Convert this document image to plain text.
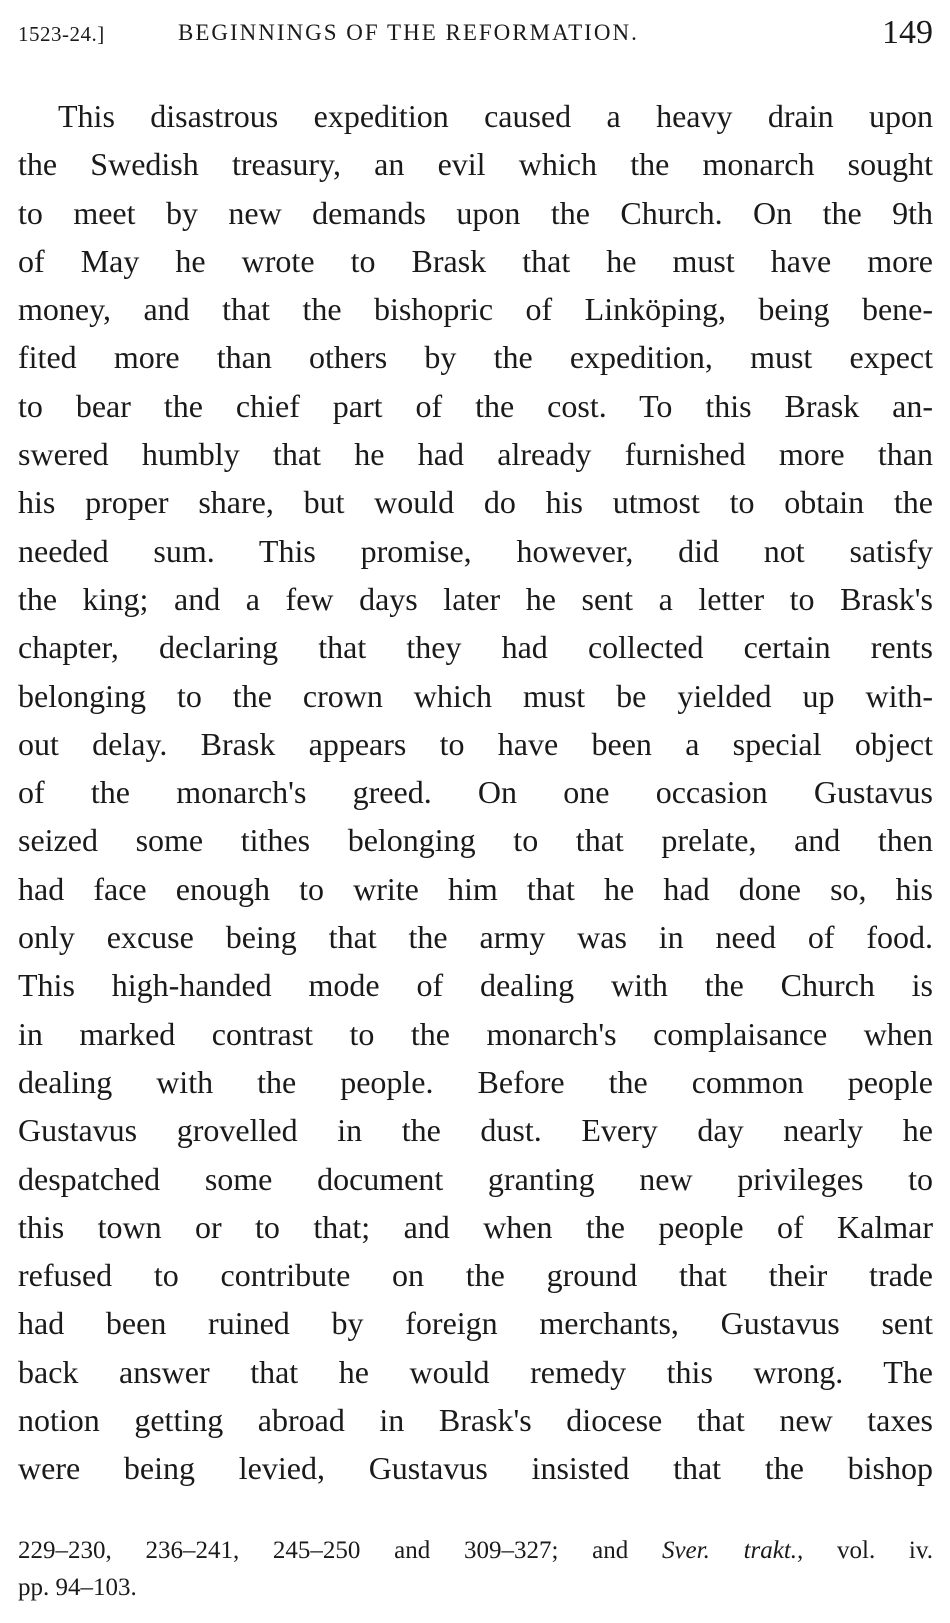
1523-24.]	BEGINNINGS OF THE REFORMATION.	149
This disastrous expedition caused a heavy drain upon
the Swedish treasury, an evil which the monarch sought
to meet by new demands upon the Church. On the 9th
of May he wrote to Brask that he must have more
money, and that the bishopric of Linköping, being bene-
fited more than others by the expedition, must expect
to bear the chief part of the cost. To this Brask an-
swered humbly that he had already furnished more than
his proper share, but would do his utmost to obtain the
needed sum. This promise, however, did not satisfy
the king; and a few days later he sent a letter to Brask's
chapter, declaring that they had collected certain rents
belonging to the crown which must be yielded up with-
out delay. Brask appears to have been a special object
of the monarch's greed. On one occasion Gustavus
seized some tithes belonging to that prelate, and then
had face enough to write him that he had done so, his
only excuse being that the army was in need of food.
This high-handed mode of dealing with the Church is
in marked contrast to the monarch's complaisance when
dealing with the people. Before the common people
Gustavus grovelled in the dust. Every day nearly he
despatched some document granting new privileges to
this town or to that; and when the people of Kalmar
refused to contribute on the ground that their trade
had been ruined by foreign merchants, Gustavus sent
back answer that he would remedy this wrong. The
notion getting abroad in Brask's diocese that new taxes
were being levied, Gustavus insisted that the bishop
229–230, 236–241, 245–250 and 309–327; and Sver. trakt., vol. iv.
pp. 94–103.
